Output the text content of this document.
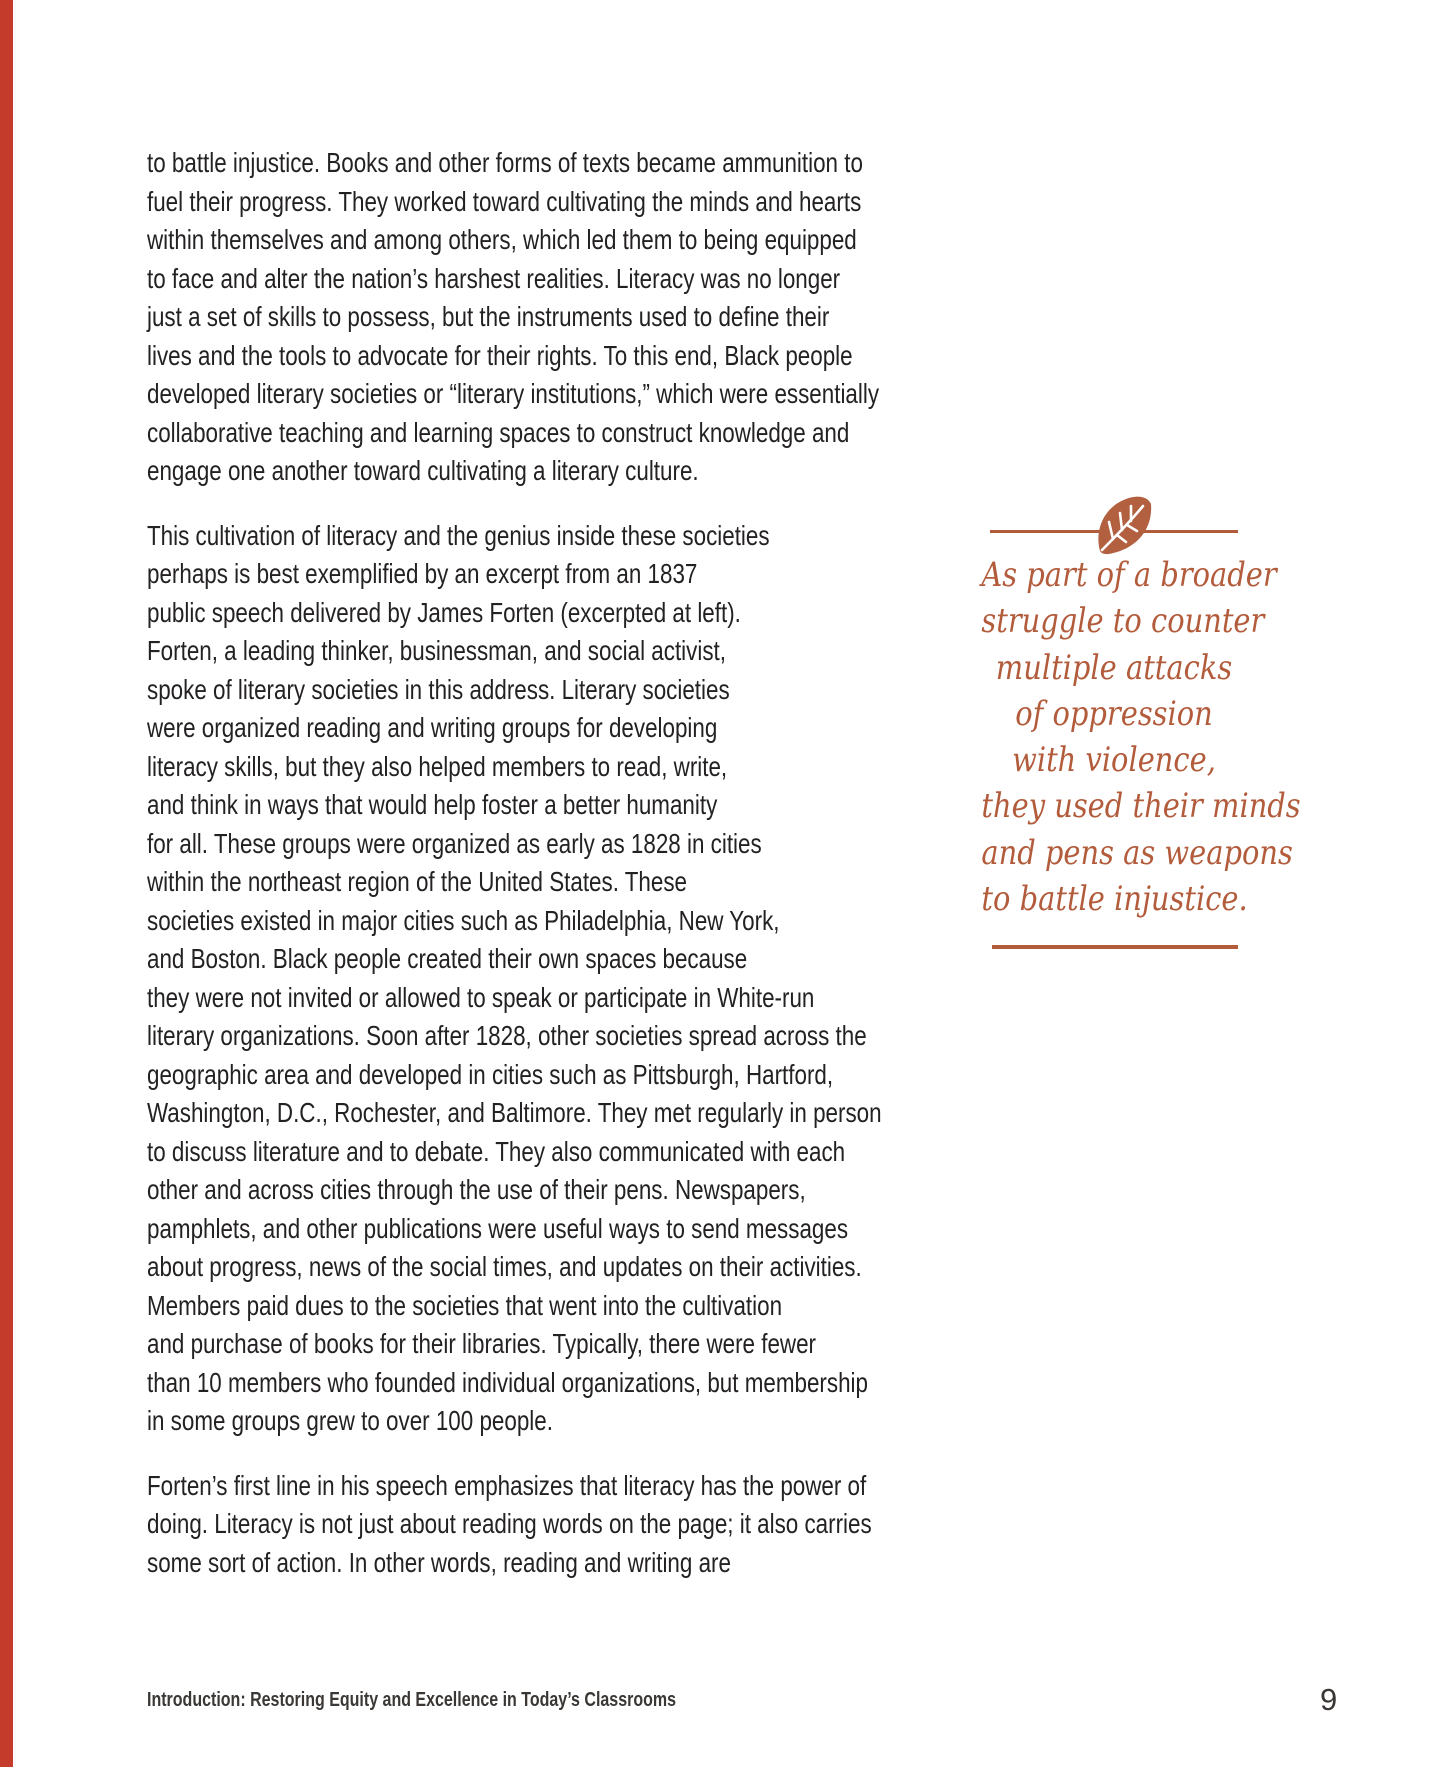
to battle injustice. Books and other forms of texts became ammunition to
fuel their progress. They worked toward cultivating the minds and hearts
within themselves and among others, which led them to being equipped
to face and alter the nation’s harshest realities. Literacy was no longer
just a set of skills to possess, but the instruments used to define their
lives and the tools to advocate for their rights. To this end, Black people
developed literary societies or “literary institutions,” which were essentially
collaborative teaching and learning spaces to construct knowledge and
engage one another toward cultivating a literary culture.
This cultivation of literacy and the genius inside these societies
perhaps is best exemplified by an excerpt from an 1837
public speech delivered by James Forten (excerpted at left).
Forten, a leading thinker, businessman, and social activist,
spoke of literary societies in this address. Literary societies
were organized reading and writing groups for developing
literacy skills, but they also helped members to read, write,
and think in ways that would help foster a better humanity
for all. These groups were organized as early as 1828 in cities
within the northeast region of the United States. These
societies existed in major cities such as Philadelphia, New York,
and Boston. Black people created their own spaces because
they were not invited or allowed to speak or participate in White-run
literary organizations. Soon after 1828, other societies spread across the
geographic area and developed in cities such as Pittsburgh, Hartford,
Washington, D.C., Rochester, and Baltimore. They met regularly in person
to discuss literature and to debate. They also communicated with each
other and across cities through the use of their pens. Newspapers,
pamphlets, and other publications were useful ways to send messages
about progress, news of the social times, and updates on their activities.
Members paid dues to the societies that went into the cultivation
and purchase of books for their libraries. Typically, there were fewer
than 10 members who founded individual organizations, but membership
in some groups grew to over 100 people.
Forten’s first line in his speech emphasizes that literacy has the power of
doing. Literacy is not just about reading words on the page; it also carries
some sort of action. In other words, reading and writing are
As part of a broader
struggle to counter
multiple attacks
of oppression
with violence,
they used their minds
and pens as weapons
to battle injustice.
Introduction: Restoring Equity and Excellence in Today’s Classrooms	9
